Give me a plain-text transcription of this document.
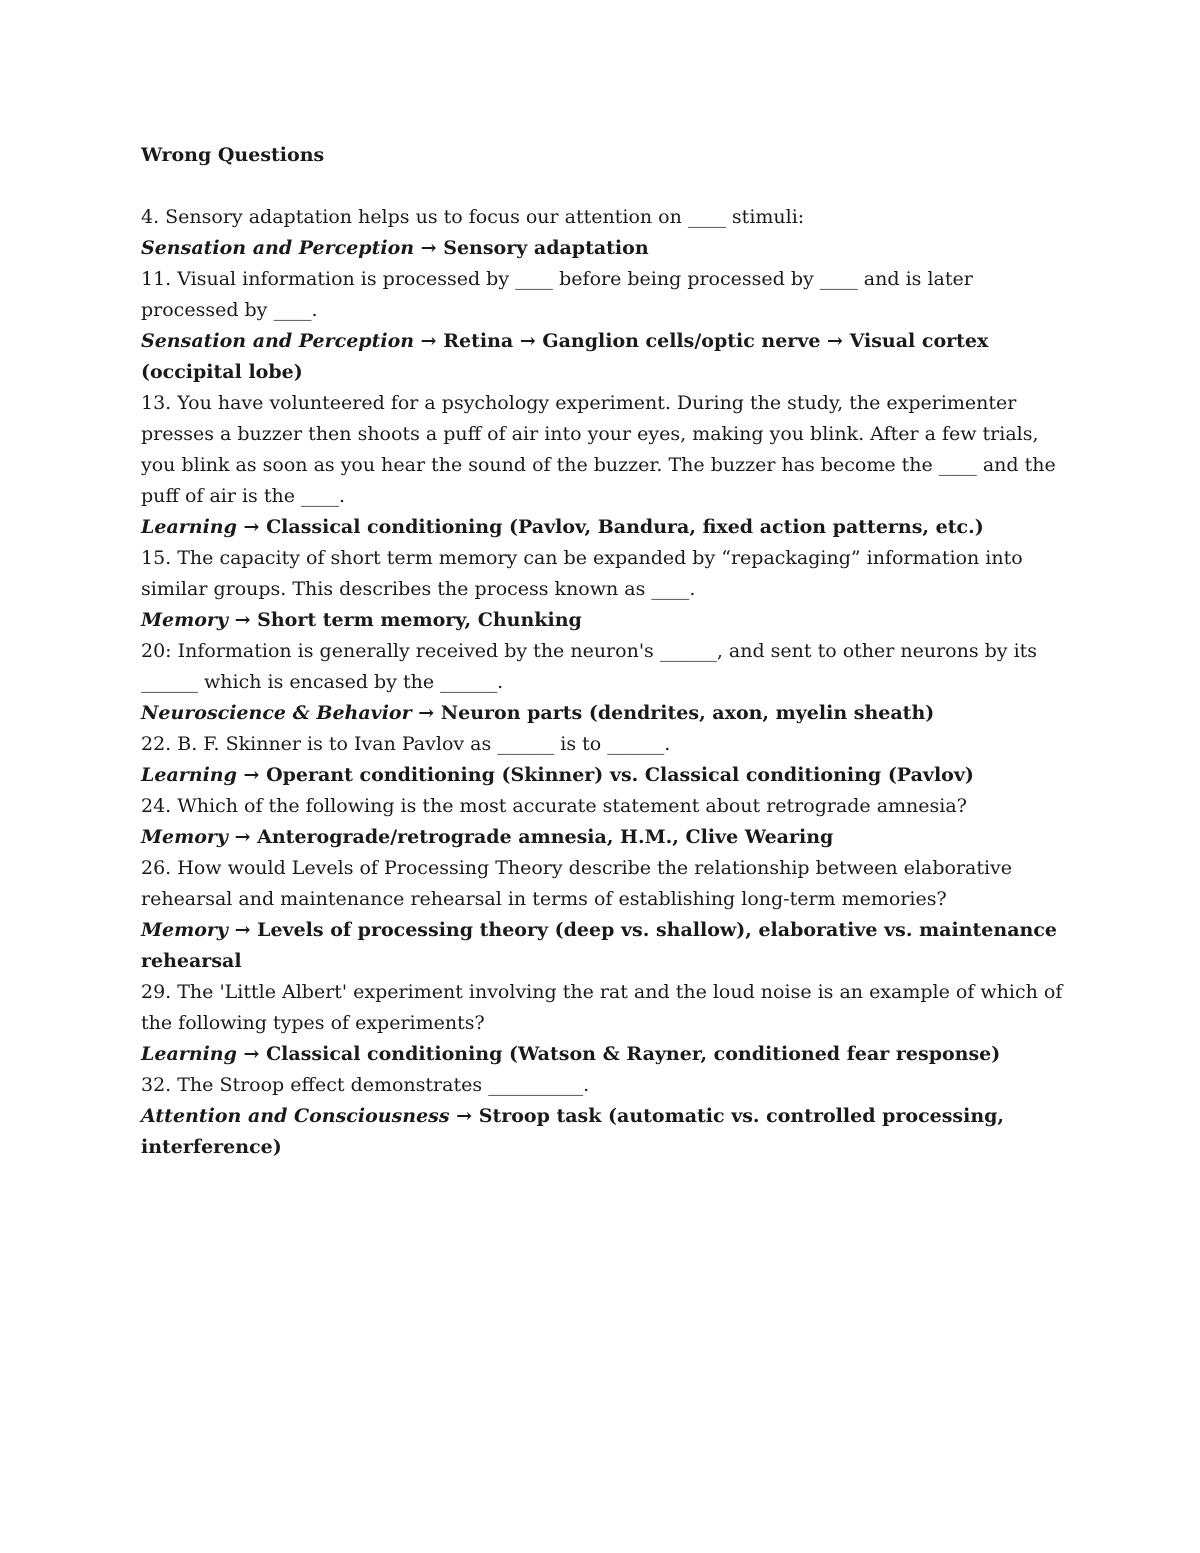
Wrong Questions

4. Sensory adaptation helps us to focus our attention on ____ stimuli:

Sensation and Perception → Sensory adaptation

11. Visual information is processed by ____ before being processed by ____ and is later processed by ____.

Sensation and Perception → Retina → Ganglion cells/optic nerve → Visual cortex (occipital lobe)

13. You have volunteered for a psychology experiment. During the study, the experimenter presses a buzzer then shoots a puff of air into your eyes, making you blink. After a few trials, you blink as soon as you hear the sound of the buzzer. The buzzer has become the ____ and the puff of air is the ____.

Learning → Classical conditioning (Pavlov, Bandura, fixed action patterns, etc.)

15. The capacity of short term memory can be expanded by “repackaging” information into similar groups. This describes the process known as ____.

Memory → Short term memory, Chunking

20: Information is generally received by the neuron's ______, and sent to other neurons by its ______ which is encased by the ______.

Neuroscience & Behavior → Neuron parts (dendrites, axon, myelin sheath)

22. B. F. Skinner is to Ivan Pavlov as ______ is to ______.

Learning → Operant conditioning (Skinner) vs. Classical conditioning (Pavlov)

24. Which of the following is the most accurate statement about retrograde amnesia?

Memory → Anterograde/retrograde amnesia, H.M., Clive Wearing

26. How would Levels of Processing Theory describe the relationship between elaborative rehearsal and maintenance rehearsal in terms of establishing long-term memories?

Memory → Levels of processing theory (deep vs. shallow), elaborative vs. maintenance rehearsal

29. The 'Little Albert' experiment involving the rat and the loud noise is an example of which of the following types of experiments?

Learning → Classical conditioning (Watson & Rayner, conditioned fear response)

32. The Stroop effect demonstrates __________.

Attention and Consciousness → Stroop task (automatic vs. controlled processing, interference)
